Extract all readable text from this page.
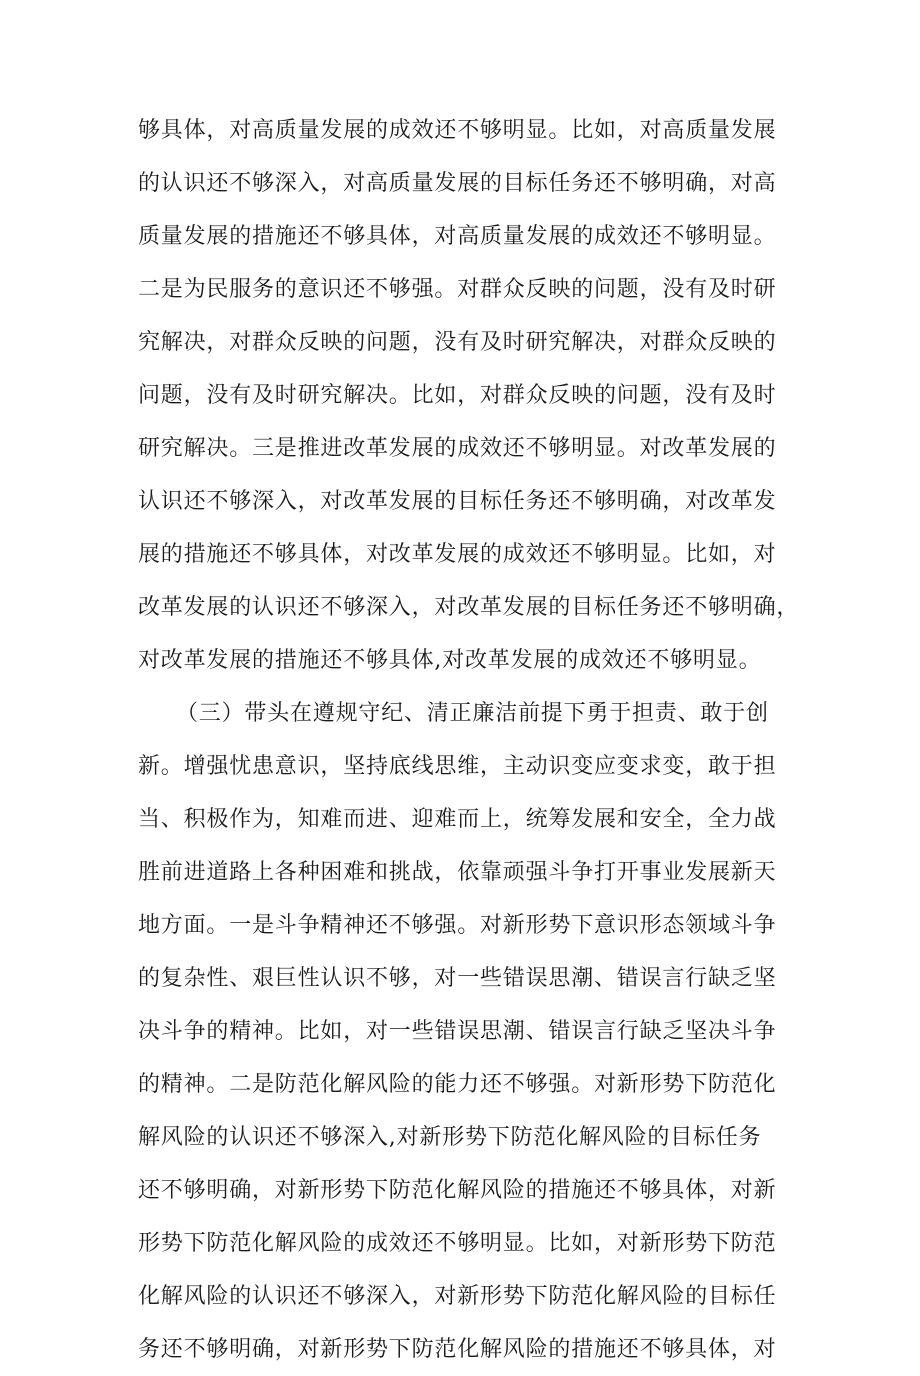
够具体，对高质量发展的成效还不够明显。比如，对高质量发展
的认识还不够深入，对高质量发展的目标任务还不够明确，对高
质量发展的措施还不够具体，对高质量发展的成效还不够明显。
二是为民服务的意识还不够强。对群众反映的问题，没有及时研
究解决，对群众反映的问题，没有及时研究解决，对群众反映的
问题，没有及时研究解决。比如，对群众反映的问题，没有及时
研究解决。三是推进改革发展的成效还不够明显。对改革发展的
认识还不够深入，对改革发展的目标任务还不够明确，对改革发
展的措施还不够具体，对改革发展的成效还不够明显。比如，对
改革发展的认识还不够深入，对改革发展的目标任务还不够明确，
对改革发展的措施还不够具体,对改革发展的成效还不够明显。
（三）带头在遵规守纪、清正廉洁前提下勇于担责、敢于创
新。增强忧患意识，坚持底线思维，主动识变应变求变，敢于担
当、积极作为，知难而进、迎难而上，统筹发展和安全，全力战
胜前进道路上各种困难和挑战，依靠顽强斗争打开事业发展新天
地方面。一是斗争精神还不够强。对新形势下意识形态领域斗争
的复杂性、艰巨性认识不够，对一些错误思潮、错误言行缺乏坚
决斗争的精神。比如，对一些错误思潮、错误言行缺乏坚决斗争
的精神。二是防范化解风险的能力还不够强。对新形势下防范化
解风险的认识还不够深入,对新形势下防范化解风险的目标任务
还不够明确，对新形势下防范化解风险的措施还不够具体，对新
形势下防范化解风险的成效还不够明显。比如，对新形势下防范
化解风险的认识还不够深入，对新形势下防范化解风险的目标任
务还不够明确，对新形势下防范化解风险的措施还不够具体，对
